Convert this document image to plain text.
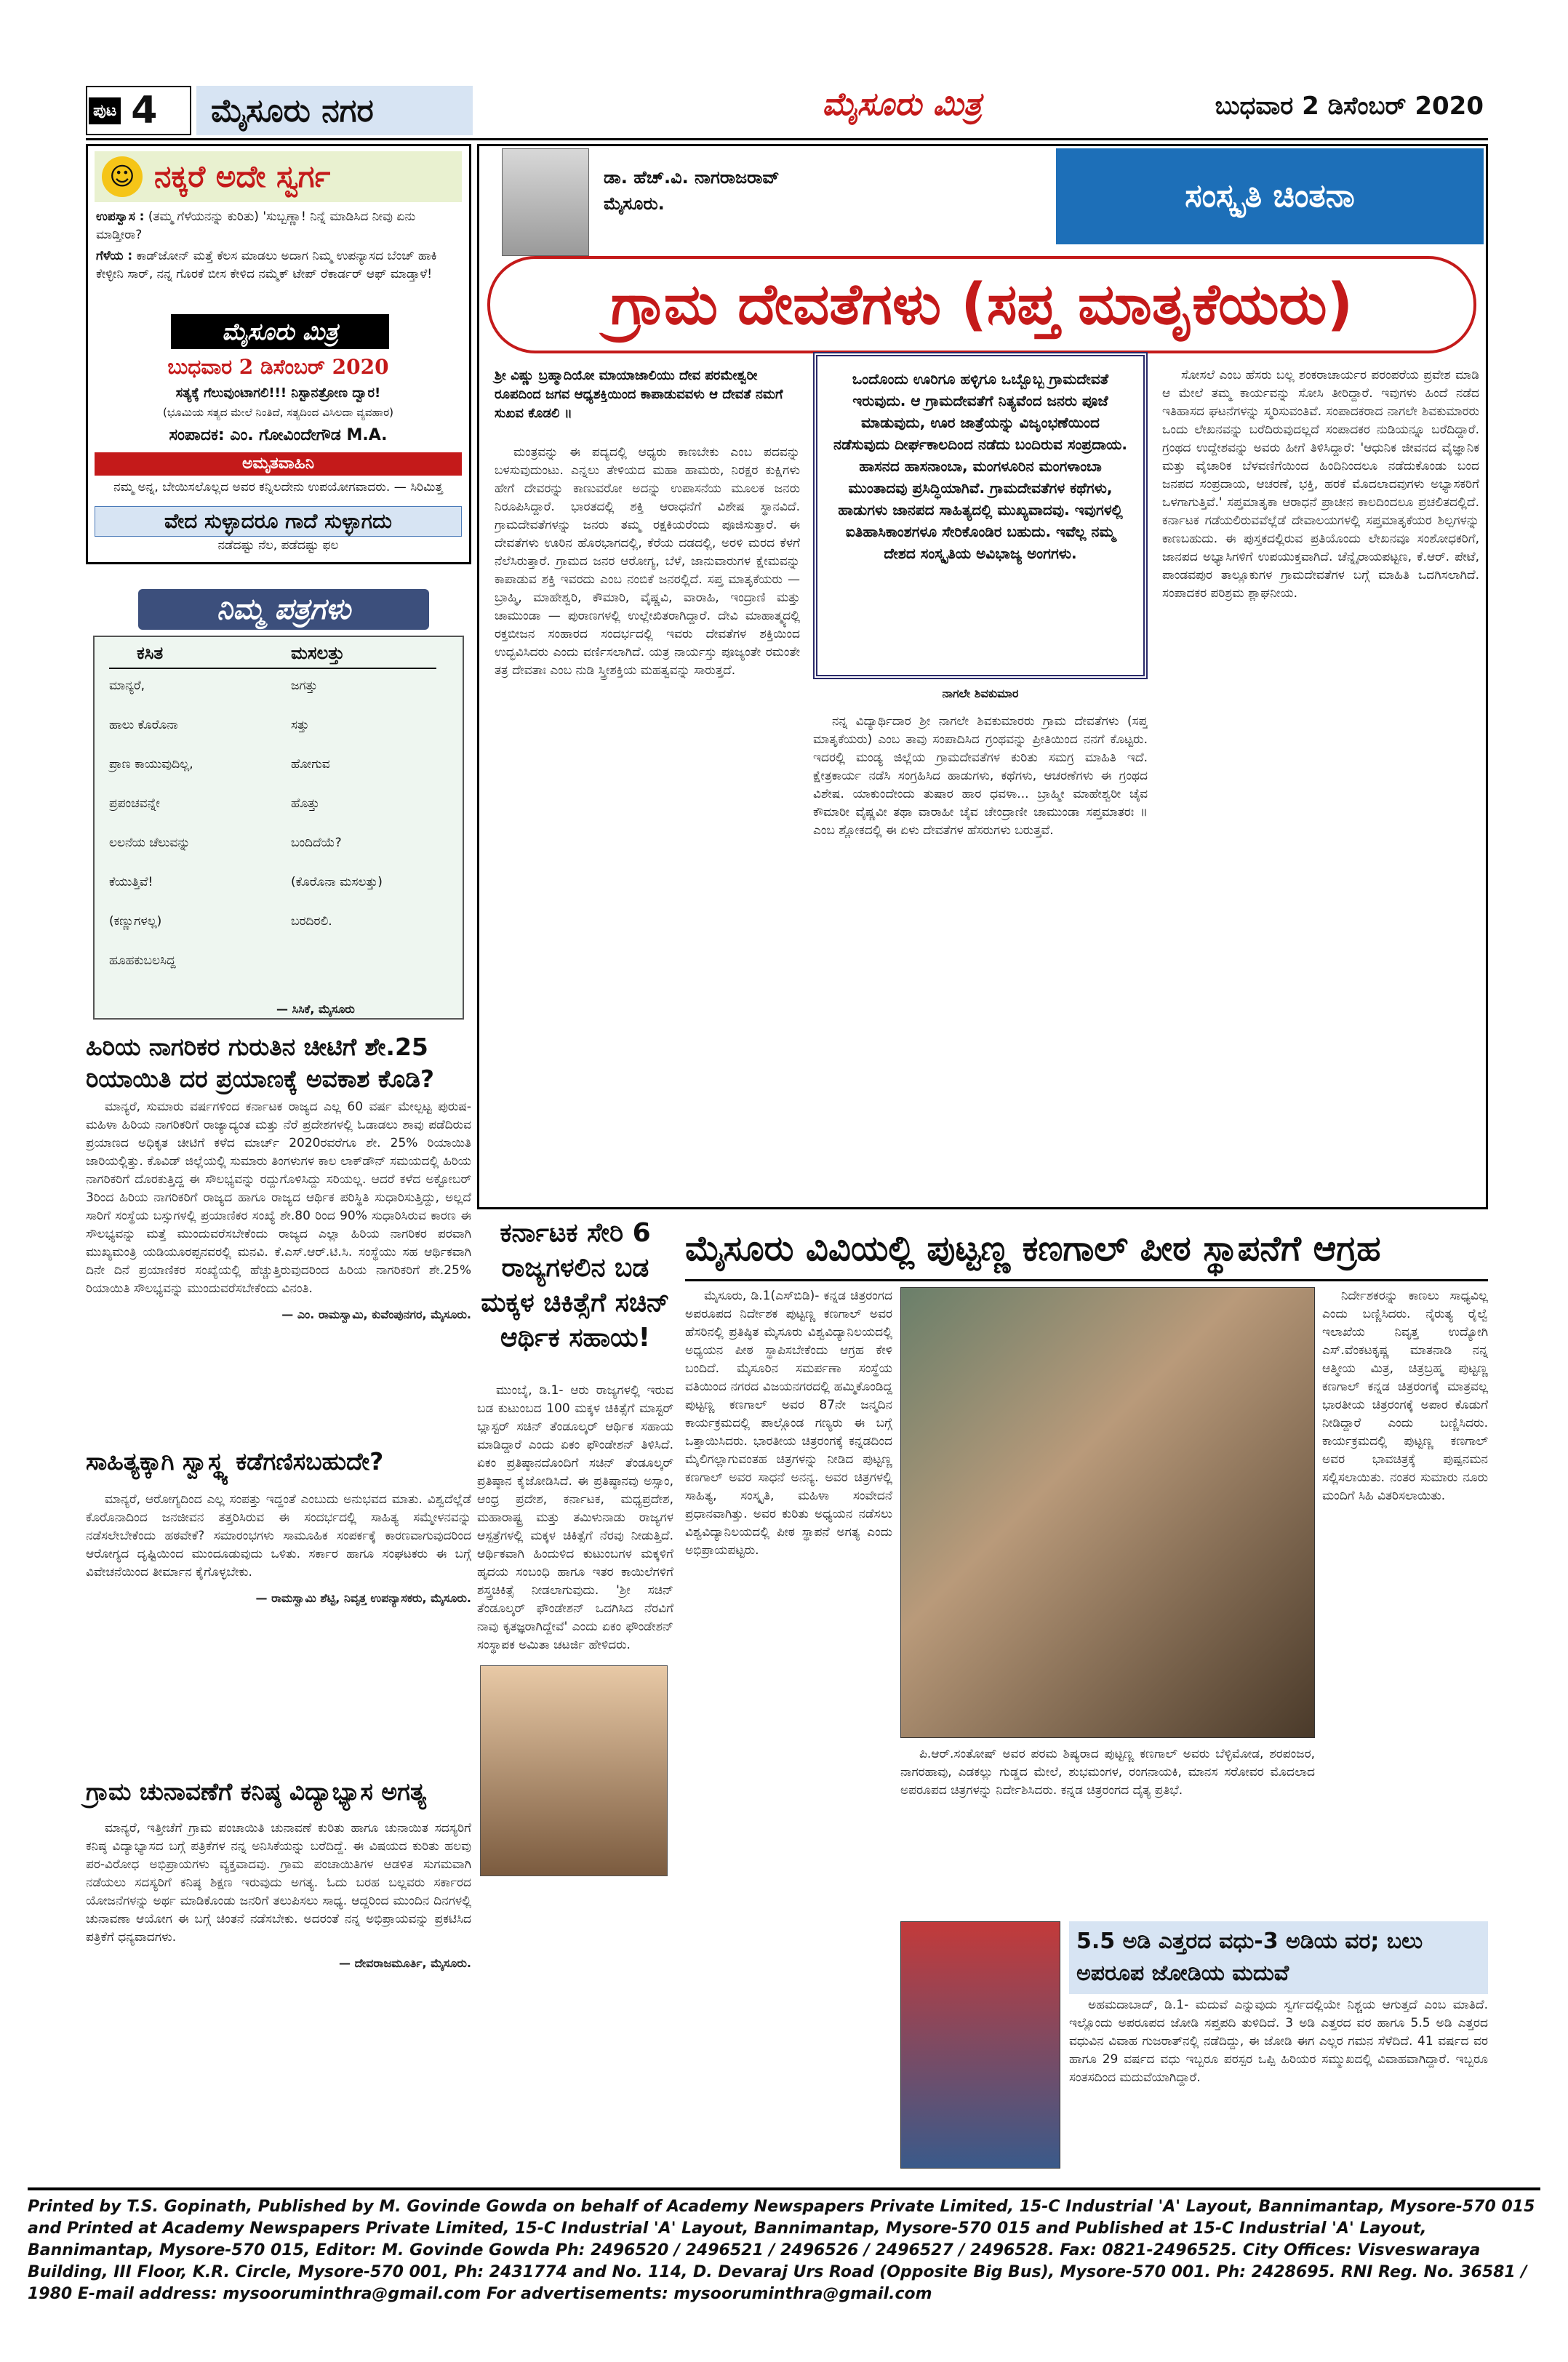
ಪುಟ 4	ಮೈಸೂರು ನಗರ	ಮೈಸೂರು ಮಿತ್ರ	ಬುಧವಾರ 2 ಡಿಸೆಂಬರ್ 2020
☺ ನಕ್ಕರೆ ಅದೇ ಸ್ವರ್ಗ
ಉಪಸ್ವಾಸ : (ತಮ್ಮ ಗೆಳೆಯನನ್ನು ಕುರಿತು) 'ಸುಬ್ಬಣ್ಣಾ! ನಿನ್ನೆ ಮಾಡಿಸಿದ ನೀವು ಏನು ಮಾಡ್ತೀರಾ?
ಗೆಳೆಯ : ಕಾಡ್‌ಜೋನ್ ಮತ್ತೆ ಕೆಲಸ ಮಾಡಲು ಅದಾಗ ನಿಮ್ಮ ಉಪನ್ಯಾಸದ ಬೆಂಚ್ ಹಾಕಿ ಕೇಳ್ಳೀನಿ ಸಾರ್, ನನ್ನ ಗೊರಕೆ ಬೀಸ ಕೇಳಿದ ನಮ್ಮೆಕ್ ಟೇಪ್ ರೆಕಾರ್ಡರ್ ಆಫ್ ಮಾಡ್ತಾಳೆ!
ಮೈಸೂರು ಮಿತ್ರ
ಬುಧವಾರ 2 ಡಿಸೆಂಬರ್ 2020
ಸತ್ಯಕ್ಕೆ ಗೆಲುವುಂಟಾಗಲಿ!!! ನಿಸ್ಟಾನತ್ರೋಣ ದ್ವಾರ!
(ಭೂಮಿಯ ಸತ್ಯದ ಮೇಲೆ ನಿಂತಿದೆ, ಸತ್ಯದಿಂದ ವಿಸಿಲದಾ ವ್ಯವಹಾರ)
ಸಂಪಾದಕ: ಎಂ. ಗೋವಿಂದೇಗೌಡ M.A.
ಅಮೃತವಾಹಿನಿ
ನಮ್ಮ ಅನ್ನ, ಬೇಯಿಸಲೊಲ್ಲದ ಅವರ ಕನ್ನಿಲದೇನು ಉಪಯೋಗವಾದರು. — ಸಿರಿಮಿತ್ತ
ವೇದ ಸುಳ್ಳಾದರೂ ಗಾದೆ ಸುಳ್ಳಾಗದು
ನಡೆದಷ್ಟು ನೆಲ, ಪಡೆದಷ್ಟು ಫಲ
ನಿಮ್ಮ ಪತ್ರಗಳು
ಕಸಿತ	ಮಸಲತ್ತು
ಮಾನ್ಯರೆ,	ಜಗತ್ತು
ಹಾಲು ಕೊರೊನಾ	ಸತ್ತು
ಪ್ರಾಣ ಕಾಯುವುದಿಲ್ಲ,	ಹೋಗುವ
ಪ್ರಪಂಚವನ್ನೇ	ಹೊತ್ತು
ಲಲನೆಯ ಚೆಲುವನ್ನು	ಬಂದಿದೆಯೆ?
ಕೆಯುತ್ತಿವೆ!	(ಕೊರೊನಾ ಮಸಲತ್ತು)
(ಕಣ್ಣುಗಳಲ್ಲ)	ಬರದಿರಲಿ.
ಹೂಹಕುಬಲಸಿದ್ದ
— ಸಿಸಿಕೆ, ಮೈಸೂರು
ಹಿರಿಯ ನಾಗರಿಕರ ಗುರುತಿನ ಚೀಟಿಗೆ ಶೇ.25 ರಿಯಾಯಿತಿ ದರ ಪ್ರಯಾಣಕ್ಕೆ ಅವಕಾಶ ಕೊಡಿ?

ಮಾನ್ಯರೆ, ಸುಮಾರು ವರ್ಷಗಳಿಂದ ಕರ್ನಾಟಕ ರಾಜ್ಯದ ಎಲ್ಲ 60 ವರ್ಷ ಮೇಲ್ಪಟ್ಟ ಪುರುಷ-ಮಹಿಳಾ ಹಿರಿಯ ನಾಗರಿಕರಿಗೆ ರಾಜ್ಯಾದ್ಯಂತ ಮತ್ತು ನೆರೆ ಪ್ರದೇಶಗಳಲ್ಲಿ ಓಡಾಡಲು ಶಾವು ಪಡೆದಿರುವ ಪ್ರಯಾಣದ ಅಧಿಕೃತ ಚೀಟಿಗೆ ಕಳೆದ ಮಾರ್ಚ್ 2020ರವರೆಗೂ ಶೇ. 25% ರಿಯಾಯಿತಿ ಜಾರಿಯಲ್ಲಿತ್ತು. ಕೊವಿಡ್ ಜಿಲ್ಲೆಯಲ್ಲಿ ಸುಮಾರು ತಿಂಗಳುಗಳ ಕಾಲ ಲಾಕ್‌ಡೌನ್ ಸಮಯದಲ್ಲಿ ಹಿರಿಯ ನಾಗರಿಕರಿಗೆ ದೊರಕುತ್ತಿದ್ದ ಈ ಸೌಲಭ್ಯವನ್ನು ರದ್ದುಗೊಳಿಸಿದ್ದು ಸರಿಯಲ್ಲ. ಆದರೆ ಕಳೆದ ಅಕ್ಟೋಬರ್ 3ರಿಂದ ಹಿರಿಯ ನಾಗರಿಕರಿಗೆ ರಾಜ್ಯದ ಹಾಗೂ ರಾಜ್ಯದ ಆರ್ಥಿಕ ಪರಿಸ್ಥಿತಿ ಸುಧಾರಿಸುತ್ತಿದ್ದು, ಅಲ್ಲದೆ ಸಾರಿಗೆ ಸಂಸ್ಥೆಯ ಬಸ್ಸುಗಳಲ್ಲಿ ಪ್ರಯಾಣಿಕರ ಸಂಖ್ಯೆ ಶೇ.80 ರಿಂದ 90% ಸುಧಾರಿಸಿರುವ ಕಾರಣ ಈ ಸೌಲಭ್ಯವನ್ನು ಮತ್ತೆ ಮುಂದುವರೆಸಬೇಕೆಂದು ರಾಜ್ಯದ ಎಲ್ಲಾ ಹಿರಿಯ ನಾಗರಿಕರ ಪರವಾಗಿ ಮುಖ್ಯಮಂತ್ರಿ ಯಡಿಯೂರಪ್ಪನವರಲ್ಲಿ ಮನವಿ. ಕೆ.ಎಸ್.ಆರ್.ಟಿ.ಸಿ. ಸಂಸ್ಥೆಯು ಸಹ ಆರ್ಥಿಕವಾಗಿ ದಿನೇ ದಿನೆ ಪ್ರಯಾಣಿಕರ ಸಂಖ್ಯೆಯಲ್ಲಿ ಹೆಚ್ಚುತ್ತಿರುವುದರಿಂದ ಹಿರಿಯ ನಾಗರಿಕರಿಗೆ ಶೇ.25% ರಿಯಾಯಿತಿ ಸೌಲಭ್ಯವನ್ನು ಮುಂದುವರೆಸಬೇಕೆಂದು ವಿನಂತಿ.

— ಎಂ. ರಾಮಸ್ವಾಮಿ, ಕುವೆಂಪುನಗರ, ಮೈಸೂರು.
ಸಾಹಿತ್ಯಕ್ಕಾಗಿ ಸ್ವಾಸ್ಥ್ಯ ಕಡೆಗಣಿಸಬಹುದೇ?

ಮಾನ್ಯರೆ, ಆರೋಗ್ಯದಿಂದ ಎಲ್ಲ ಸಂಪತ್ತು ಇದ್ದಂತೆ ಎಂಬುದು ಅನುಭವದ ಮಾತು. ವಿಶ್ವದೆಲ್ಲೆಡೆ ಕೊರೊನಾದಿಂದ ಜನಜೀವನ ತತ್ತರಿಸಿರುವ ಈ ಸಂದರ್ಭದಲ್ಲಿ ಸಾಹಿತ್ಯ ಸಮ್ಮೇಳನವನ್ನು ನಡೆಸಲೇಬೇಕೆಂದು ಹಠವೇಕೆ? ಸಮಾರಂಭಗಳು ಸಾಮೂಹಿಕ ಸಂಪರ್ಕಕ್ಕೆ ಕಾರಣವಾಗುವುದರಿಂದ ಆರೋಗ್ಯದ ದೃಷ್ಟಿಯಿಂದ ಮುಂದೂಡುವುದು ಒಳಿತು. ಸರ್ಕಾರ ಹಾಗೂ ಸಂಘಟಕರು ಈ ಬಗ್ಗೆ ವಿವೇಚನೆಯಿಂದ ತೀರ್ಮಾನ ಕೈಗೊಳ್ಳಬೇಕು.

— ರಾಮಸ್ವಾಮಿ ಶೆಟ್ಟಿ, ನಿವೃತ್ತ ಉಪನ್ಯಾಸಕರು, ಮೈಸೂರು.
ಗ್ರಾಮ ಚುನಾವಣೆಗೆ ಕನಿಷ್ಠ ವಿದ್ಯಾಭ್ಯಾಸ ಅಗತ್ಯ

ಮಾನ್ಯರೆ, ಇತ್ತೀಚೆಗೆ ಗ್ರಾಮ ಪಂಚಾಯಿತಿ ಚುನಾವಣೆ ಕುರಿತು ಹಾಗೂ ಚುನಾಯಿತ ಸದಸ್ಯರಿಗೆ ಕನಿಷ್ಠ ವಿದ್ಯಾಭ್ಯಾಸದ ಬಗ್ಗೆ ಪತ್ರಿಕೆಗಳ ನನ್ನ ಅನಿಸಿಕೆಯನ್ನು ಬರೆದಿದ್ದೆ. ಈ ವಿಷಯದ ಕುರಿತು ಹಲವು ಪರ-ವಿರೋಧ ಅಭಿಪ್ರಾಯಗಳು ವ್ಯಕ್ತವಾದವು. ಗ್ರಾಮ ಪಂಚಾಯಿತಿಗಳ ಆಡಳಿತ ಸುಗಮವಾಗಿ ನಡೆಯಲು ಸದಸ್ಯರಿಗೆ ಕನಿಷ್ಠ ಶಿಕ್ಷಣ ಇರುವುದು ಅಗತ್ಯ. ಓದು ಬರಹ ಬಲ್ಲವರು ಸರ್ಕಾರದ ಯೋಜನೆಗಳನ್ನು ಅರ್ಥ ಮಾಡಿಕೊಂಡು ಜನರಿಗೆ ತಲುಪಿಸಲು ಸಾಧ್ಯ. ಆದ್ದರಿಂದ ಮುಂದಿನ ದಿನಗಳಲ್ಲಿ ಚುನಾವಣಾ ಆಯೋಗ ಈ ಬಗ್ಗೆ ಚಿಂತನೆ ನಡೆಸಬೇಕು. ಅದರಂತೆ ನನ್ನ ಅಭಿಪ್ರಾಯವನ್ನು ಪ್ರಕಟಿಸಿದ ಪತ್ರಿಕೆಗೆ ಧನ್ಯವಾದಗಳು.

— ದೇವರಾಜಮೂರ್ತಿ, ಮೈಸೂರು.
ಡಾ. ಹೆಚ್.ವಿ. ನಾಗರಾಜರಾವ್
ಮೈಸೂರು.	ಸಂಸ್ಕೃತಿ ಚಿಂತನಾ
ಗ್ರಾಮ ದೇವತೆಗಳು (ಸಪ್ತ ಮಾತೃಕೆಯರು)
ಶ್ರೀ ವಿಷ್ಣು ಬ್ರಹ್ಮಾದಿಯೋ ಮಾಯಾಜಾಲಿಯು ದೇವ ಪರಮೇಶ್ವರೀ ರೂಪದಿಂದ ಜಗವ ಆಧ್ಯಶಕ್ತಿಯಿಂದ ಕಾಪಾಡುವವಳು ಆ ದೇವತೆ ನಮಗೆ ಸುಖವ ಕೊಡಲಿ ॥
ಒಂದೊಂದು ಊರಿಗೂ ಹಳ್ಳಿಗೂ ಒಬ್ಬೊಬ್ಬ ಗ್ರಾಮದೇವತೆ ಇರುವುದು. ಆ ಗ್ರಾಮದೇವತೆಗೆ ನಿತ್ಯವೆಂದ ಜನರು ಪೂಜೆ ಮಾಡುವುದು, ಊರ ಜಾತ್ರೆಯನ್ನು ವಿಜೃಂಭಣೆಯಿಂದ ನಡೆಸುವುದು ದೀರ್ಘಕಾಲದಿಂದ ನಡೆದು ಬಂದಿರುವ ಸಂಪ್ರದಾಯ. ಹಾಸನದ ಹಾಸನಾಂಬಾ, ಮಂಗಳೂರಿನ ಮಂಗಳಾಂಬಾ ಮುಂತಾದವು ಪ್ರಸಿದ್ಧಿಯಾಗಿವೆ. ಗ್ರಾಮದೇವತೆಗಳ ಕಥೆಗಳು, ಹಾಡುಗಳು ಜಾನಪದ ಸಾಹಿತ್ಯದಲ್ಲಿ ಮುಖ್ಯವಾದವು. ಇವುಗಳಲ್ಲಿ ಐತಿಹಾಸಿಕಾಂಶಗಳೂ ಸೇರಿಕೊಂಡಿರ ಬಹುದು. ಇವೆಲ್ಲ ನಮ್ಮ ದೇಶದ ಸಂಸ್ಕೃತಿಯ ಅವಿಭಾಜ್ಯ ಅಂಗಗಳು.
ನಾಗಲೇ ಶಿವಕುಮಾರ

ಮಂತ್ರವನ್ನು ಈ ಪದ್ಯದಲ್ಲಿ ಆಧ್ಯರು ಕಾಣಬೇಕು ಎಂಬ ಪದವನ್ನು ಬಳಸುವುದುಂಟು. ಎನ್ನಲು ತೇಳಿಯದ ಮಹಾ ಹಾಮರು, ನಿರಕ್ಷರ ಕುಕ್ಷಿಗಳು ಹೇಗೆ ದೇವರನ್ನು ಕಾಣುವರೋ ಅದನ್ನು ಉಪಾಸನೆಯ ಮೂಲಕ ಜನರು ನಿರೂಪಿಸಿದ್ದಾರೆ. ಭಾರತದಲ್ಲಿ ಶಕ್ತಿ ಆರಾಧನೆಗೆ ವಿಶೇಷ ಸ್ಥಾನವಿದೆ. ಗ್ರಾಮದೇವತೆಗಳನ್ನು ಜನರು ತಮ್ಮ ರಕ್ಷಕಿಯರೆಂದು ಪೂಜಿಸುತ್ತಾರೆ. ಈ ದೇವತೆಗಳು ಊರಿನ ಹೊರಭಾಗದಲ್ಲಿ, ಕೆರೆಯ ದಡದಲ್ಲಿ, ಅರಳಿ ಮರದ ಕೆಳಗೆ ನೆಲೆಸಿರುತ್ತಾರೆ. ಗ್ರಾಮದ ಜನರ ಆರೋಗ್ಯ, ಬೆಳೆ, ಜಾನುವಾರುಗಳ ಕ್ಷೇಮವನ್ನು ಕಾಪಾಡುವ ಶಕ್ತಿ ಇವರದು ಎಂಬ ನಂಬಿಕೆ ಜನರಲ್ಲಿದೆ. ಸಪ್ತ ಮಾತೃಕೆಯರು — ಬ್ರಾಹ್ಮಿ, ಮಾಹೇಶ್ವರಿ, ಕೌಮಾರಿ, ವೈಷ್ಣವಿ, ವಾರಾಹಿ, ಇಂದ್ರಾಣಿ ಮತ್ತು ಚಾಮುಂಡಾ — ಪುರಾಣಗಳಲ್ಲಿ ಉಲ್ಲೇಖಿತರಾಗಿದ್ದಾರೆ. ದೇವಿ ಮಾಹಾತ್ಮ್ಯದಲ್ಲಿ ರಕ್ತಬೀಜನ ಸಂಹಾರದ ಸಂದರ್ಭದಲ್ಲಿ ಇವರು ದೇವತೆಗಳ ಶಕ್ತಿಯಿಂದ ಉದ್ಭವಿಸಿದರು ಎಂದು ವರ್ಣಿಸಲಾಗಿದೆ. ಯತ್ರ ನಾರ್ಯಸ್ತು ಪೂಜ್ಯಂತೇ ರಮಂತೇ ತತ್ರ ದೇವತಾಃ ಎಂಬ ನುಡಿ ಸ್ತ್ರೀಶಕ್ತಿಯ ಮಹತ್ವವನ್ನು ಸಾರುತ್ತದೆ.

ನನ್ನ ವಿದ್ಯಾರ್ಥಿದಾರ ಶ್ರೀ ನಾಗಲೇ ಶಿವಕುಮಾರರು ಗ್ರಾಮ ದೇವತೆಗಳು (ಸಪ್ತ ಮಾತೃಕೆಯರು) ಎಂಬ ತಾವು ಸಂಪಾದಿಸಿದ ಗ್ರಂಥವನ್ನು ಪ್ರೀತಿಯಿಂದ ನನಗೆ ಕೊಟ್ಟರು. ಇದರಲ್ಲಿ ಮಂಡ್ಯ ಜಿಲ್ಲೆಯ ಗ್ರಾಮದೇವತೆಗಳ ಕುರಿತು ಸಮಗ್ರ ಮಾಹಿತಿ ಇದೆ. ಕ್ಷೇತ್ರಕಾರ್ಯ ನಡೆಸಿ ಸಂಗ್ರಹಿಸಿದ ಹಾಡುಗಳು, ಕಥೆಗಳು, ಆಚರಣೆಗಳು ಈ ಗ್ರಂಥದ ವಿಶೇಷ. ಯಾಕುಂದೇಂದು ತುಷಾರ ಹಾರ ಧವಳಾ... ಬ್ರಾಹ್ಮೀ ಮಾಹೇಶ್ವರೀ ಚೈವ ಕೌಮಾರೀ ವೈಷ್ಣವೀ ತಥಾ ವಾರಾಹೀ ಚೈವ ಚೇಂದ್ರಾಣೀ ಚಾಮುಂಡಾ ಸಪ್ತಮಾತರಃ ॥ ಎಂಬ ಶ್ಲೋಕದಲ್ಲಿ ಈ ಏಳು ದೇವತೆಗಳ ಹೆಸರುಗಳು ಬರುತ್ತವೆ.

ಸೋಸಲೆ ಎಂಬ ಹೆಸರು ಬಲ್ಲ ಶಂಕರಾಚಾರ್ಯರ ಪರಂಪರೆಯ ಪ್ರವೇಶ ಮಾಡಿ ಆ ಮೇಲೆ ತಮ್ಮ ಕಾರ್ಯವನ್ನು ಸೋಸಿ ತೀರಿದ್ದಾರೆ. ಇವುಗಳು ಹಿಂದೆ ನಡೆದ ಇತಿಹಾಸದ ಘಟನೆಗಳನ್ನು ಸ್ಮರಿಸುವಂತಿವೆ. ಸಂಪಾದಕರಾದ ನಾಗಲೇ ಶಿವಕುಮಾರರು ಒಂದು ಲೇಖನವನ್ನು ಬರೆದಿರುವುದಲ್ಲದೆ ಸಂಪಾದಕರ ನುಡಿಯನ್ನೂ ಬರೆದಿದ್ದಾರೆ. ಗ್ರಂಥದ ಉದ್ದೇಶವನ್ನು ಅವರು ಹೀಗೆ ತಿಳಿಸಿದ್ದಾರೆ: 'ಆಧುನಿಕ ಜೀವನದ ವೈಜ್ಞಾನಿಕ ಮತ್ತು ವೈಚಾರಿಕ ಬೆಳವಣಿಗೆಯಿಂದ ಹಿಂದಿನಿಂದಲೂ ನಡೆದುಕೊಂಡು ಬಂದ ಜನಪದ ಸಂಪ್ರದಾಯ, ಆಚರಣೆ, ಭಕ್ತಿ, ಹರಕೆ ಮೊದಲಾದವುಗಳು ಅಭ್ಯಾಸಕರಿಗೆ ಒಳಗಾಗುತ್ತಿವೆ.' ಸಪ್ತಮಾತೃಕಾ ಆರಾಧನೆ ಪ್ರಾಚೀನ ಕಾಲದಿಂದಲೂ ಪ್ರಚಲಿತದಲ್ಲಿದೆ. ಕರ್ನಾಟಕ ಗಡೆಯಲಿರುವವೆಲ್ಲೆಡೆ ದೇವಾಲಯಗಳಲ್ಲಿ ಸಪ್ತಮಾತೃಕೆಯರ ಶಿಲ್ಪಗಳನ್ನು ಕಾಣಬಹುದು. ಈ ಪುಸ್ತಕದಲ್ಲಿರುವ ಪ್ರತಿಯೊಂದು ಲೇಖನವೂ ಸಂಶೋಧಕರಿಗೆ, ಜಾನಪದ ಅಭ್ಯಾಸಿಗಳಿಗೆ ಉಪಯುಕ್ತವಾಗಿದೆ. ಚೆನ್ನೈರಾಯಪಟ್ಟಣ, ಕೆ.ಆರ್. ಪೇಟೆ, ಪಾಂಡವಪುರ ತಾಲ್ಲೂಕುಗಳ ಗ್ರಾಮದೇವತೆಗಳ ಬಗ್ಗೆ ಮಾಹಿತಿ ಒದಗಿಸಲಾಗಿದೆ. ಸಂಪಾದಕರ ಪರಿಶ್ರಮ ಶ್ಲಾಘನೀಯ.

ಕರ್ನಾಟಕ ಸೇರಿ 6 ರಾಜ್ಯಗಳಲಿನ ಬಡ ಮಕ್ಕಳ ಚಿಕಿತ್ಸೆಗೆ ಸಚಿನ್ ಆರ್ಥಿಕ ಸಹಾಯ!

ಮುಂಬೈ, ಡಿ.1- ಆರು ರಾಜ್ಯಗಳಲ್ಲಿ ಇರುವ ಬಡ ಕುಟುಂಬದ 100 ಮಕ್ಕಳ ಚಿಕಿತ್ಸೆಗೆ ಮಾಸ್ಟರ್ ಬ್ಲಾಸ್ಟರ್ ಸಚಿನ್ ತೆಂಡೂಲ್ಕರ್ ಆರ್ಥಿಕ ಸಹಾಯ ಮಾಡಿದ್ದಾರೆ ಎಂದು ಏಕಂ ಫೌಂಡೇಶನ್ ತಿಳಿಸಿದೆ. ಏಕಂ ಪ್ರತಿಷ್ಠಾನದೊಂದಿಗೆ ಸಚಿನ್ ತೆಂಡೂಲ್ಕರ್ ಪ್ರತಿಷ್ಠಾನ ಕೈಜೋಡಿಸಿದೆ. ಈ ಪ್ರತಿಷ್ಠಾನವು ಅಸ್ಸಾಂ, ಆಂಧ್ರ ಪ್ರದೇಶ, ಕರ್ನಾಟಕ, ಮಧ್ಯಪ್ರದೇಶ, ಮಹಾರಾಷ್ಟ್ರ ಮತ್ತು ತಮಿಳುನಾಡು ರಾಜ್ಯಗಳ ಆಸ್ಪತ್ರೆಗಳಲ್ಲಿ ಮಕ್ಕಳ ಚಿಕಿತ್ಸೆಗೆ ನೆರವು ನೀಡುತ್ತಿದೆ. ಆರ್ಥಿಕವಾಗಿ ಹಿಂದುಳಿದ ಕುಟುಂಬಗಳ ಮಕ್ಕಳಿಗೆ ಹೃದಯ ಸಂಬಂಧಿ ಹಾಗೂ ಇತರ ಕಾಯಿಲೆಗಳಿಗೆ ಶಸ್ತ್ರಚಿಕಿತ್ಸೆ ನೀಡಲಾಗುವುದು. 'ಶ್ರೀ ಸಚಿನ್ ತೆಂಡೂಲ್ಕರ್ ಫೌಂಡೇಶನ್ ಒದಗಿಸಿದ ನೆರವಿಗೆ ನಾವು ಕೃತಜ್ಞರಾಗಿದ್ದೇವೆ' ಎಂದು ಏಕಂ ಫೌಂಡೇಶನ್ ಸಂಸ್ಥಾಪಕ ಅಮಿತಾ ಚಟರ್ಜಿ ಹೇಳಿದರು.

ಮೈಸೂರು ವಿವಿಯಲ್ಲಿ ಪುಟ್ಟಣ್ಣ ಕಣಗಾಲ್ ಪೀಠ ಸ್ಥಾಪನೆಗೆ ಆಗ್ರಹ

ಮೈಸೂರು, ಡಿ.1(ಎಸ್‌ಬಿಡಿ)- ಕನ್ನಡ ಚಿತ್ರರಂಗದ ಅಪರೂಪದ ನಿರ್ದೇಶಕ ಪುಟ್ಟಣ್ಣ ಕಣಗಾಲ್ ಅವರ ಹೆಸರಿನಲ್ಲಿ ಪ್ರತಿಷ್ಠಿತ ಮೈಸೂರು ವಿಶ್ವವಿದ್ಯಾನಿಲಯದಲ್ಲಿ ಅಧ್ಯಯನ ಪೀಠ ಸ್ಥಾಪಿಸಬೇಕೆಂದು ಆಗ್ರಹ ಕೇಳಿ ಬಂದಿದೆ. ಮೈಸೂರಿನ ಸಮರ್ಪಣಾ ಸಂಸ್ಥೆಯ ವತಿಯಿಂದ ನಗರದ ವಿಜಯನಗರದಲ್ಲಿ ಹಮ್ಮಿಕೊಂಡಿದ್ದ ಪುಟ್ಟಣ್ಣ ಕಣಗಾಲ್ ಅವರ 87ನೇ ಜನ್ಮದಿನ ಕಾರ್ಯಕ್ರಮದಲ್ಲಿ ಪಾಲ್ಗೊಂಡ ಗಣ್ಯರು ಈ ಬಗ್ಗೆ ಒತ್ತಾಯಿಸಿದರು. ಭಾರತೀಯ ಚಿತ್ರರಂಗಕ್ಕೆ ಕನ್ನಡದಿಂದ ಮೈಲಿಗಲ್ಲಾಗುವಂತಹ ಚಿತ್ರಗಳನ್ನು ನೀಡಿದ ಪುಟ್ಟಣ್ಣ ಕಣಗಾಲ್ ಅವರ ಸಾಧನೆ ಅನನ್ಯ. ಅವರ ಚಿತ್ರಗಳಲ್ಲಿ ಸಾಹಿತ್ಯ, ಸಂಸ್ಕೃತಿ, ಮಹಿಳಾ ಸಂವೇದನೆ ಪ್ರಧಾನವಾಗಿತ್ತು. ಅವರ ಕುರಿತು ಅಧ್ಯಯನ ನಡೆಸಲು ವಿಶ್ವವಿದ್ಯಾನಿಲಯದಲ್ಲಿ ಪೀಠ ಸ್ಥಾಪನೆ ಅಗತ್ಯ ಎಂದು ಅಭಿಪ್ರಾಯಪಟ್ಟರು.

ಪಿ.ಆರ್.ಸಂತೋಷ್ ಅವರ ಪರಮ ಶಿಷ್ಯರಾದ ಪುಟ್ಟಣ್ಣ ಕಣಗಾಲ್ ಅವರು ಬೆಳ್ಳಿಮೋಡ, ಶರಪಂಜರ, ನಾಗರಹಾವು, ಎಡಕಲ್ಲು ಗುಡ್ಡದ ಮೇಲೆ, ಶುಭಮಂಗಳ, ರಂಗನಾಯಕಿ, ಮಾನಸ ಸರೋವರ ಮೊದಲಾದ ಅಪರೂಪದ ಚಿತ್ರಗಳನ್ನು ನಿರ್ದೇಶಿಸಿದರು. ಕನ್ನಡ ಚಿತ್ರರಂಗದ ದೈತ್ಯ ಪ್ರತಿಭೆ.

ನಿರ್ದೇಶಕರನ್ನು ಕಾಣಲು ಸಾಧ್ಯವಿಲ್ಲ ಎಂದು ಬಣ್ಣಿಸಿದರು. ನೈರುತ್ಯ ರೈಲ್ವೆ ಇಲಾಖೆಯ ನಿವೃತ್ತ ಉದ್ಯೋಗಿ ಎಸ್.ವೆಂಕಟಕೃಷ್ಣ ಮಾತನಾಡಿ ನನ್ನ ಆತ್ಮೀಯ ಮಿತ್ರ, ಚಿತ್ರಬ್ರಹ್ಮ ಪುಟ್ಟಣ್ಣ ಕಣಗಾಲ್ ಕನ್ನಡ ಚಿತ್ರರಂಗಕ್ಕೆ ಮಾತ್ರವಲ್ಲ ಭಾರತೀಯ ಚಿತ್ರರಂಗಕ್ಕೆ ಅಪಾರ ಕೊಡುಗೆ ನೀಡಿದ್ದಾರೆ ಎಂದು ಬಣ್ಣಿಸಿದರು. ಕಾರ್ಯಕ್ರಮದಲ್ಲಿ ಪುಟ್ಟಣ್ಣ ಕಣಗಾಲ್ ಅವರ ಭಾವಚಿತ್ರಕ್ಕೆ ಪುಷ್ಪನಮನ ಸಲ್ಲಿಸಲಾಯಿತು. ನಂತರ ಸುಮಾರು ನೂರು ಮಂದಿಗೆ ಸಿಹಿ ವಿತರಿಸಲಾಯಿತು.

5.5 ಅಡಿ ಎತ್ತರದ ವಧು-3 ಅಡಿಯ ವರ; ಬಲು ಅಪರೂಪ ಜೋಡಿಯ ಮದುವೆ

ಅಹಮದಾಬಾದ್, ಡಿ.1- ಮದುವೆ ಎನ್ನುವುದು ಸ್ವರ್ಗದಲ್ಲಿಯೇ ನಿಶ್ಚಯ ಆಗುತ್ತದೆ ಎಂಬ ಮಾತಿದೆ. ಇಲ್ಲೊಂದು ಅಪರೂಪದ ಜೋಡಿ ಸಪ್ತಪದಿ ತುಳಿದಿದೆ. 3 ಅಡಿ ಎತ್ತರದ ವರ ಹಾಗೂ 5.5 ಅಡಿ ಎತ್ತರದ ವಧುವಿನ ವಿವಾಹ ಗುಜರಾತ್‌ನಲ್ಲಿ ನಡೆದಿದ್ದು, ಈ ಜೋಡಿ ಈಗ ಎಲ್ಲರ ಗಮನ ಸೆಳೆದಿದೆ. 41 ವರ್ಷದ ವರ ಹಾಗೂ 29 ವರ್ಷದ ವಧು ಇಬ್ಬರೂ ಪರಸ್ಪರ ಒಪ್ಪಿ ಹಿರಿಯರ ಸಮ್ಮುಖದಲ್ಲಿ ವಿವಾಹವಾಗಿದ್ದಾರೆ. ಇಬ್ಬರೂ ಸಂತಸದಿಂದ ಮದುವೆಯಾಗಿದ್ದಾರೆ.

Printed by T.S. Gopinath, Published by M. Govinde Gowda on behalf of Academy Newspapers Private Limited, 15-C Industrial 'A' Layout, Bannimantap, Mysore-570 015 and Printed at Academy Newspapers Private Limited, 15-C Industrial 'A' Layout, Bannimantap, Mysore-570 015 and Published at 15-C Industrial 'A' Layout, Bannimantap, Mysore-570 015, Editor: M. Govinde Gowda Ph: 2496520 / 2496521 / 2496526 / 2496527 / 2496528. Fax: 0821-2496525. City Offices: Visveswaraya Building, III Floor, K.R. Circle, Mysore-570 001, Ph: 2431774 and No. 114, D. Devaraj Urs Road (Opposite Big Bus), Mysore-570 001. Ph: 2428695. RNI Reg. No. 36581 / 1980 E-mail address: mysooruminthra@gmail.com For advertisements: mysooruminthra@gmail.com
